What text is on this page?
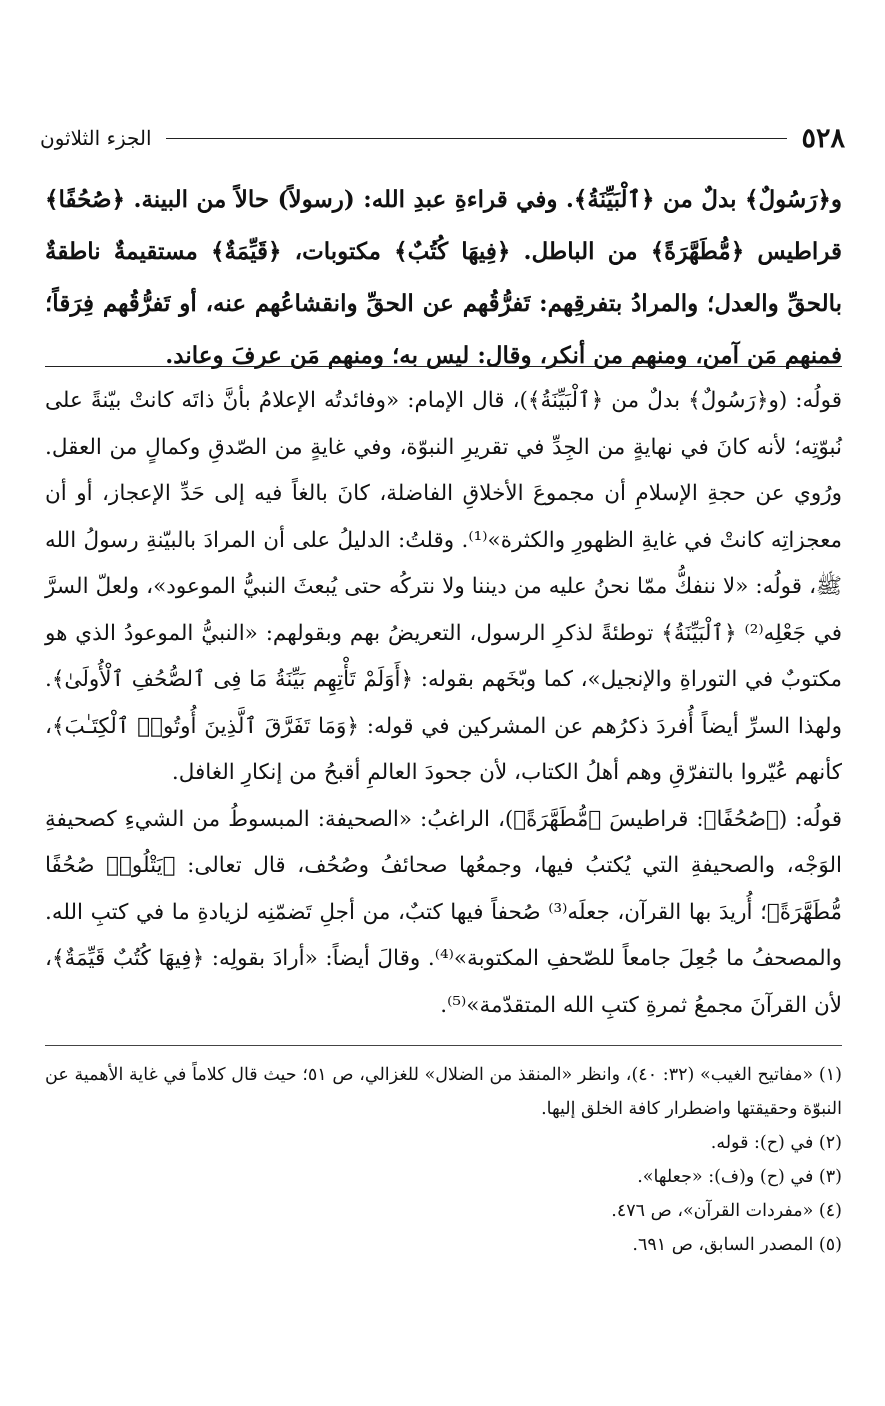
٥٢٨
الجزء الثلاثون

و﴿رَسُولٌ﴾ بدلٌ من ﴿ٱلْبَيِّنَةُ﴾. وفي قراءةِ عبدِ الله: (رسولاً) حالاً من البينة. ﴿صُحُفًا﴾ قراطيس ﴿مُّطَهَّرَةً﴾ من الباطل. ﴿فِيهَا كُتُبٌ﴾ مكتوبات، ﴿قَيِّمَةٌ﴾ مستقيمةٌ ناطقةٌ بالحقِّ والعدل؛ والمرادُ بتفرقِهم: تَفرُّقُهم عن الحقِّ وانقشاعُهم عنه، أو تَفرُّقُهم فِرَقاً؛ فمنهم مَن آمن، ومنهم من أنكر، وقال: ليس به؛ ومنهم مَن عرفَ وعاند.

قولُه: (و﴿رَسُولٌ﴾ بدلٌ من ﴿ٱلْبَيِّنَةُ﴾)، قال الإمام: «وفائدتُه الإعلامُ بأنَّ ذاتَه كانتْ بيّنةً على نُبوّتِه؛ لأنه كانَ في نهايةٍ من الجِدِّ في تقريرِ النبوّة، وفي غايةٍ من الصّدقِ وكمالٍ من العقل. ورُوي عن حجةِ الإسلامِ أن مجموعَ الأخلاقِ الفاضلة، كانَ بالغاً فيه إلى حَدِّ الإعجاز، أو أن معجزاتِه كانتْ في غايةِ الظهورِ والكثرة»⁽¹⁾. وقلتُ: الدليلُ على أن المرادَ بالبيّنةِ رسولُ الله ﷺ، قولُه: «لا ننفكُّ ممّا نحنُ عليه من ديننا ولا نتركُه حتى يُبعثَ النبيُّ الموعود»، ولعلّ السرَّ في جَعْلِه⁽²⁾ ﴿ٱلْبَيِّنَةُ﴾ توطئةً لذكرِ الرسول، التعريضُ بهم وبقولهم: «النبيُّ الموعودُ الذي هو مكتوبٌ في التوراةِ والإنجيل»، كما وبّخَهم بقوله: ﴿أَوَلَمْ تَأْتِهِم بَيِّنَةُ مَا فِى ٱلصُّحُفِ ٱلْأُولَىٰ﴾. ولهذا السرِّ أيضاً أُفردَ ذكرُهم عن المشركين في قوله: ﴿وَمَا تَفَرَّقَ ٱلَّذِينَ أُوتُوا۟ ٱلْكِتَـٰبَ﴾، كأنهم عُيّروا بالتفرّقِ وهم أهلُ الكتاب، لأن جحودَ العالمِ أقبحُ من إنكارِ الغافل.

قولُه: (﴿صُحُفًا﴾: قراطيسَ ﴿مُّطَهَّرَةً﴾)، الراغبُ: «الصحيفة: المبسوطُ من الشيءِ كصحيفةِ الوَجْه، والصحيفةِ التي يُكتبُ فيها، وجمعُها صحائفُ وصُحُف، قال تعالى: ﴿يَتْلُوا۟ صُحُفًا مُّطَهَّرَةً﴾؛ أُريدَ بها القرآن، جعلَه⁽³⁾ صُحفاً فيها كتبٌ، من أجلِ تَضمّنِه لزيادةِ ما في كتبِ الله. والمصحفُ ما جُعِلَ جامعاً للصّحفِ المكتوبة»⁽⁴⁾. وقالَ أيضاً: «أرادَ بقولِه: ﴿فِيهَا كُتُبٌ قَيِّمَةٌ﴾، لأن القرآنَ مجمعُ ثمرةِ كتبِ الله المتقدّمة»⁽⁵⁾.

(١) «مفاتيح الغيب» (٣٢: ٤٠)، وانظر «المنقذ من الضلال» للغزالي، ص ٥١؛ حيث قال كلاماً في غاية الأهمية عن النبوّة وحقيقتها واضطرار كافة الخلق إليها.
(٢) في (ح): قوله.
(٣) في (ح) و(ف): «جعلها».
(٤) «مفردات القرآن»، ص ٤٧٦.
(٥) المصدر السابق، ص ٦٩١.
